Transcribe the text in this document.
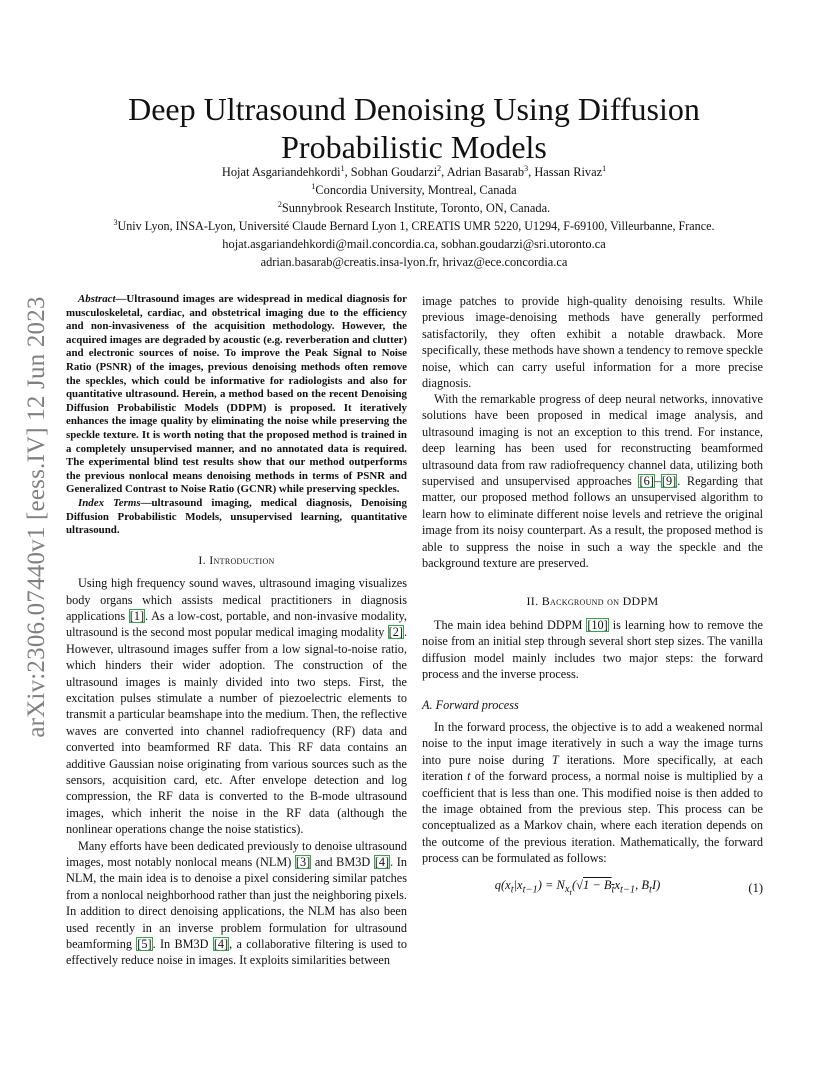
arXiv:2306.07440v1 [eess.IV] 12 Jun 2023
Deep Ultrasound Denoising Using Diffusion
Probabilistic Models
Hojat Asgariandehkordi$^1$, Sobhan Goudarzi$^2$, Adrian Basarab$^3$, Hassan Rivaz$^1$
$^1$Concordia University, Montreal, Canada
$^2$Sunnybrook Research Institute, Toronto, ON, Canada.
$^3$Univ Lyon, INSA-Lyon, Université Claude Bernard Lyon 1, CREATIS UMR 5220, U1294, F-69100, Villeurbanne, France.
hojat.asgariandehkordi@mail.concordia.ca, sobhan.goudarzi@sri.utoronto.ca
adrian.basarab@creatis.insa-lyon.fr, hrivaz@ece.concordia.ca

Abstract—Ultrasound images are widespread in medical diagnosis for musculoskeletal, cardiac, and obstetrical imaging due to the efficiency and non-invasiveness of the acquisition methodology. However, the acquired images are degraded by acoustic (e.g. reverberation and clutter) and electronic sources of noise. To improve the Peak Signal to Noise Ratio (PSNR) of the images, previous denoising methods often remove the speckles, which could be informative for radiologists and also for quantitative ultrasound. Herein, a method based on the recent Denoising Diffusion Probabilistic Models (DDPM) is proposed. It iteratively enhances the image quality by eliminating the noise while preserving the speckle texture. It is worth noting that the proposed method is trained in a completely unsupervised manner, and no annotated data is required. The experimental blind test results show that our method outperforms the previous nonlocal means denoising methods in terms of PSNR and Generalized Contrast to Noise Ratio (GCNR) while preserving speckles.

Index Terms—ultrasound imaging, medical diagnosis, Denoising Diffusion Probabilistic Models, unsupervised learning, quantitative ultrasound.

I. Introduction

Using high frequency sound waves, ultrasound imaging visualizes body organs which assists medical practitioners in diagnosis applications [1]. As a low-cost, portable, and non-invasive modality, ultrasound is the second most popular medical imaging modality [2]. However, ultrasound images suffer from a low signal-to-noise ratio, which hinders their wider adoption. The construction of the ultrasound images is mainly divided into two steps. First, the excitation pulses stimulate a number of piezoelectric elements to transmit a particular beamshape into the medium. Then, the reflective waves are converted into channel radiofrequency (RF) data and converted into beamformed RF data. This RF data contains an additive Gaussian noise originating from various sources such as the sensors, acquisition card, etc. After envelope detection and log compression, the RF data is converted to the B-mode ultrasound images, which inherit the noise in the RF data (although the nonlinear operations change the noise statistics).

Many efforts have been dedicated previously to denoise ultrasound images, most notably nonlocal means (NLM) [3] and BM3D [4]. In NLM, the main idea is to denoise a pixel considering similar patches from a nonlocal neighborhood rather than just the neighboring pixels. In addition to direct denoising applications, the NLM has also been used recently in an inverse problem formulation for ultrasound beamforming [5]. In BM3D [4], a collaborative filtering is used to effectively reduce noise in images. It exploits similarities between

With the remarkable progress of deep neural networks, innovative solutions have been proposed in medical image analysis, and ultrasound imaging is not an exception to this trend. For instance, deep learning has been used for reconstructing beamformed ultrasound data from raw radiofrequency channel data, utilizing both supervised and unsupervised approaches [6]–[9]. Regarding that matter, our proposed method follows an unsupervised algorithm to learn how to eliminate different noise levels and retrieve the original image from its noisy counterpart. As a result, the proposed method is able to suppress the noise in such a way the speckle and the background texture are preserved.

II. Background on DDPM

The main idea behind DDPM [10] is learning how to remove the noise from an initial step through several short step sizes. The vanilla diffusion model mainly includes two major steps: the forward process and the inverse process.

A. Forward process

In the forward process, the objective is to add a weakened normal noise to the input image iteratively in such a way the image turns into pure noise during T iterations. More specifically, at each iteration t of the forward process, a normal noise is multiplied by a coefficient that is less than one. This modified noise is then added to the image obtained from the previous step. This process can be conceptualized as a Markov chain, where each iteration depends on the outcome of the previous iteration. Mathematically, the forward process can be formulated as follows:

$q(x_t|x_{t-1}) = N_{x_t}(√1 - B_tx_{t-1}$, $B_tI$)	(1)

image patches to provide high-quality denoising results. While previous image-denoising methods have generally performed satisfactorily, they often exhibit a notable drawback. More specifically, these methods have shown a tendency to remove speckle noise, which can carry useful information for a more precise diagnosis.
